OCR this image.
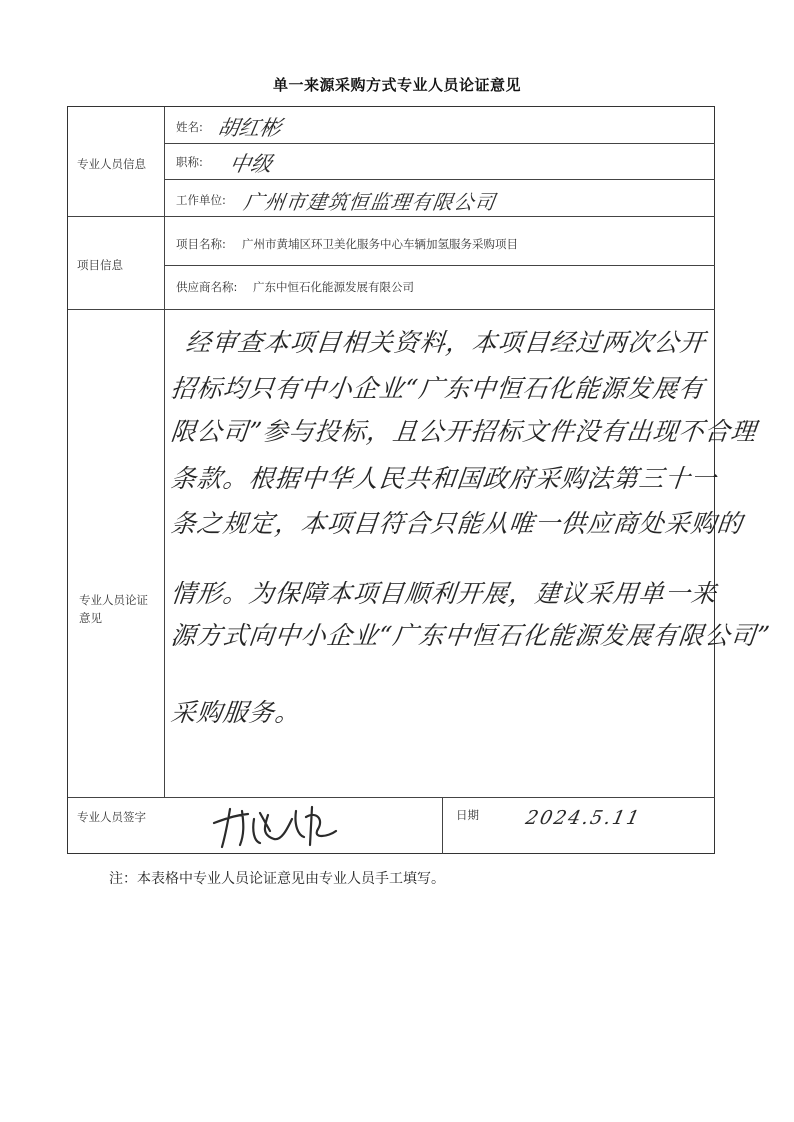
单一来源采购方式专业人员论证意见
专业人员信息
项目信息
专业人员论证
意见
专业人员签字	日期
姓名:
职称:
工作单位:
项目名称: 广州市黄埔区环卫美化服务中心车辆加氢服务采购项目
供应商名称: 广东中恒石化能源发展有限公司
胡红彬
中级
广州市建筑恒监理有限公司
经审查本项目相关资料，本项目经过两次公开
招标均只有中小企业“广东中恒石化能源发展有
限公司”参与投标，且公开招标文件没有出现不合理
条款。根据中华人民共和国政府采购法第三十一
条之规定，本项目符合只能从唯一供应商处采购的
情形。为保障本项目顺利开展，建议采用单一来
源方式向中小企业“广东中恒石化能源发展有限公司”
采购服务。
2024.5.11
注：本表格中专业人员论证意见由专业人员手工填写。
